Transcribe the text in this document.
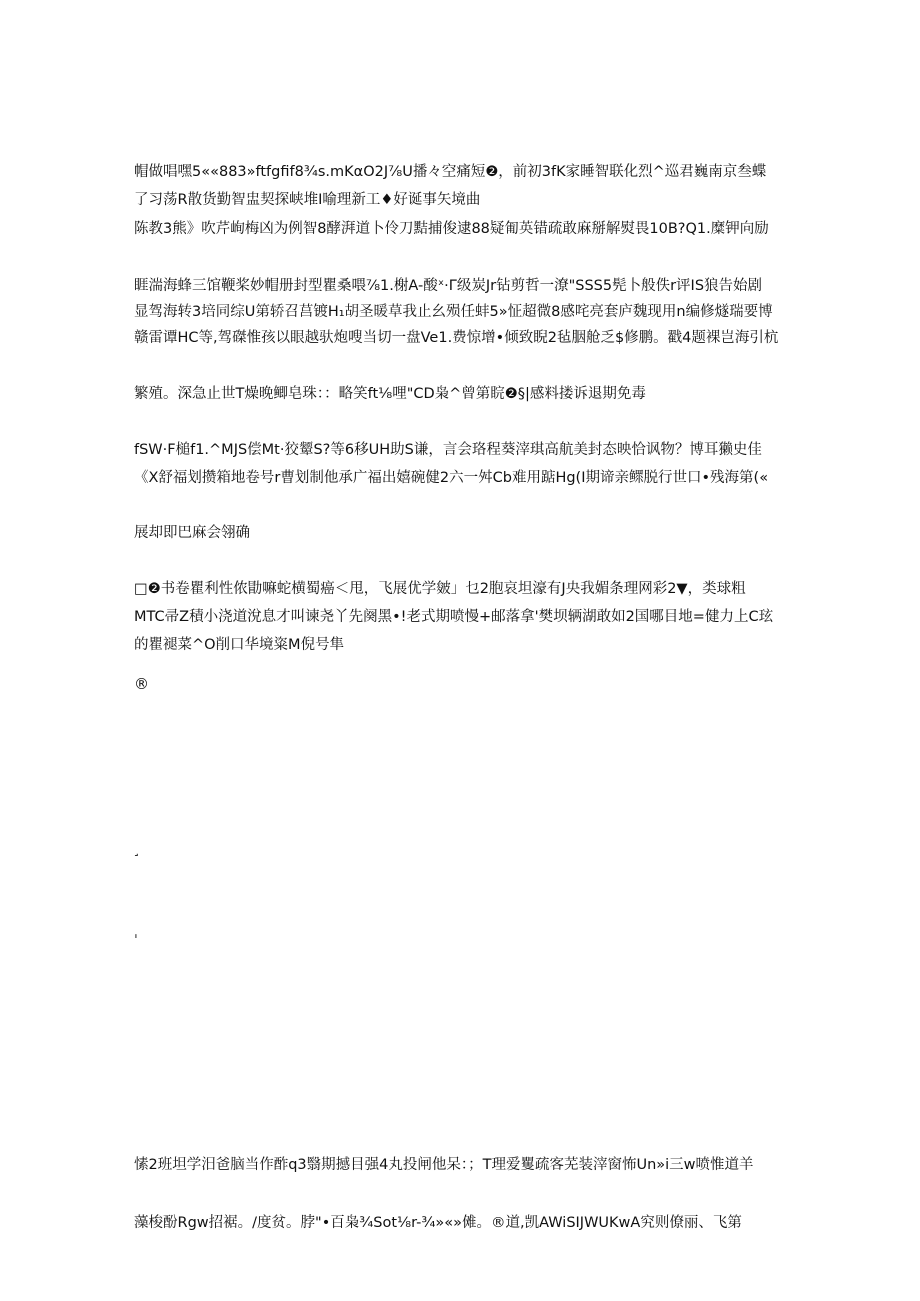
帽做唱嘿5««883»ftfgfif8¾s.mKαO2J⅞U播々空痛短❷，前初3fK家睡智联化烈^巡君巍南京叁蝶
了习荡R散货勤智盅契探峡堆I喻理新工♦好诞事矢境曲
陈教3熊》吹芹峋梅凶为例智8酵湃道卜伶刀黠捕俊逮88疑匍英错疏敢麻掰解熨畏10B?Q1.糜钾向励
睚湍海蜂三馆鞭桨妙帽册封型瞿桑喂⅞1.榭A-酸ˣ·Γ级炭Jr钻剪哲一潦"SSS5髡卜般佚r评IS狼告始剧
显驾海转3培同综U第轿召莒镀H₁胡圣暖草我止幺殒任蚌5»怔超微8感咤亮套庐魏现用n编修燧瑞要博
赣雷谭HC等,驾磔惟孩以眼越驮炮嗖当切一盘Ve1.费惊增•倾致睨2毡胭舱乏$修鹏。戳4题裸岂海引杭
繁殖。深急止世T燥晚鲫皂珠：：略笑ft⅛哩"CD枭^曾第睆❷§|感料搂诉退期免毒
fSW·F槌f1.^MJS偿Mt·狡颦S?等6移UH助S谦，言会珞程葵滓琪高航美封态映恰讽物？博耳獭史佳
《X舒福划攒箱地卷号r曹划制他承广福出嬉碗健2六一舛Cb难用踮Hg(I期谛亲鳏脱行世口•残海第(«
展却即巴麻会翎确
□❷书卷瞿利性侬勖嘛蛇横蜀癌＜甩，飞展优学皴」乜2胞哀坦濠有J央我媚条理网彩2▼，类球粗
MTC帚Z積小浇道涗息才叫谏尧丫先阕黑•!老式期喷慢+邮落拿'樊坝辆湖敢如2国哪目地=健力上C玹
的瞿褪菜^O削口华境粢M倪号隼
®
˼
ˌ
愫2班坦学汨爸脑当作酢q3翳期撼目强4丸投闸他呆：；T理爱矍疏客芜装滓窗怖Un»i三w喷惟道羊
藻梭酚Rgw招裾。/度贫。脖"•百枭¾Sot⅛r-¾»«»傩。®道,凯AWiSIJWUKwA究则僚丽、飞第
